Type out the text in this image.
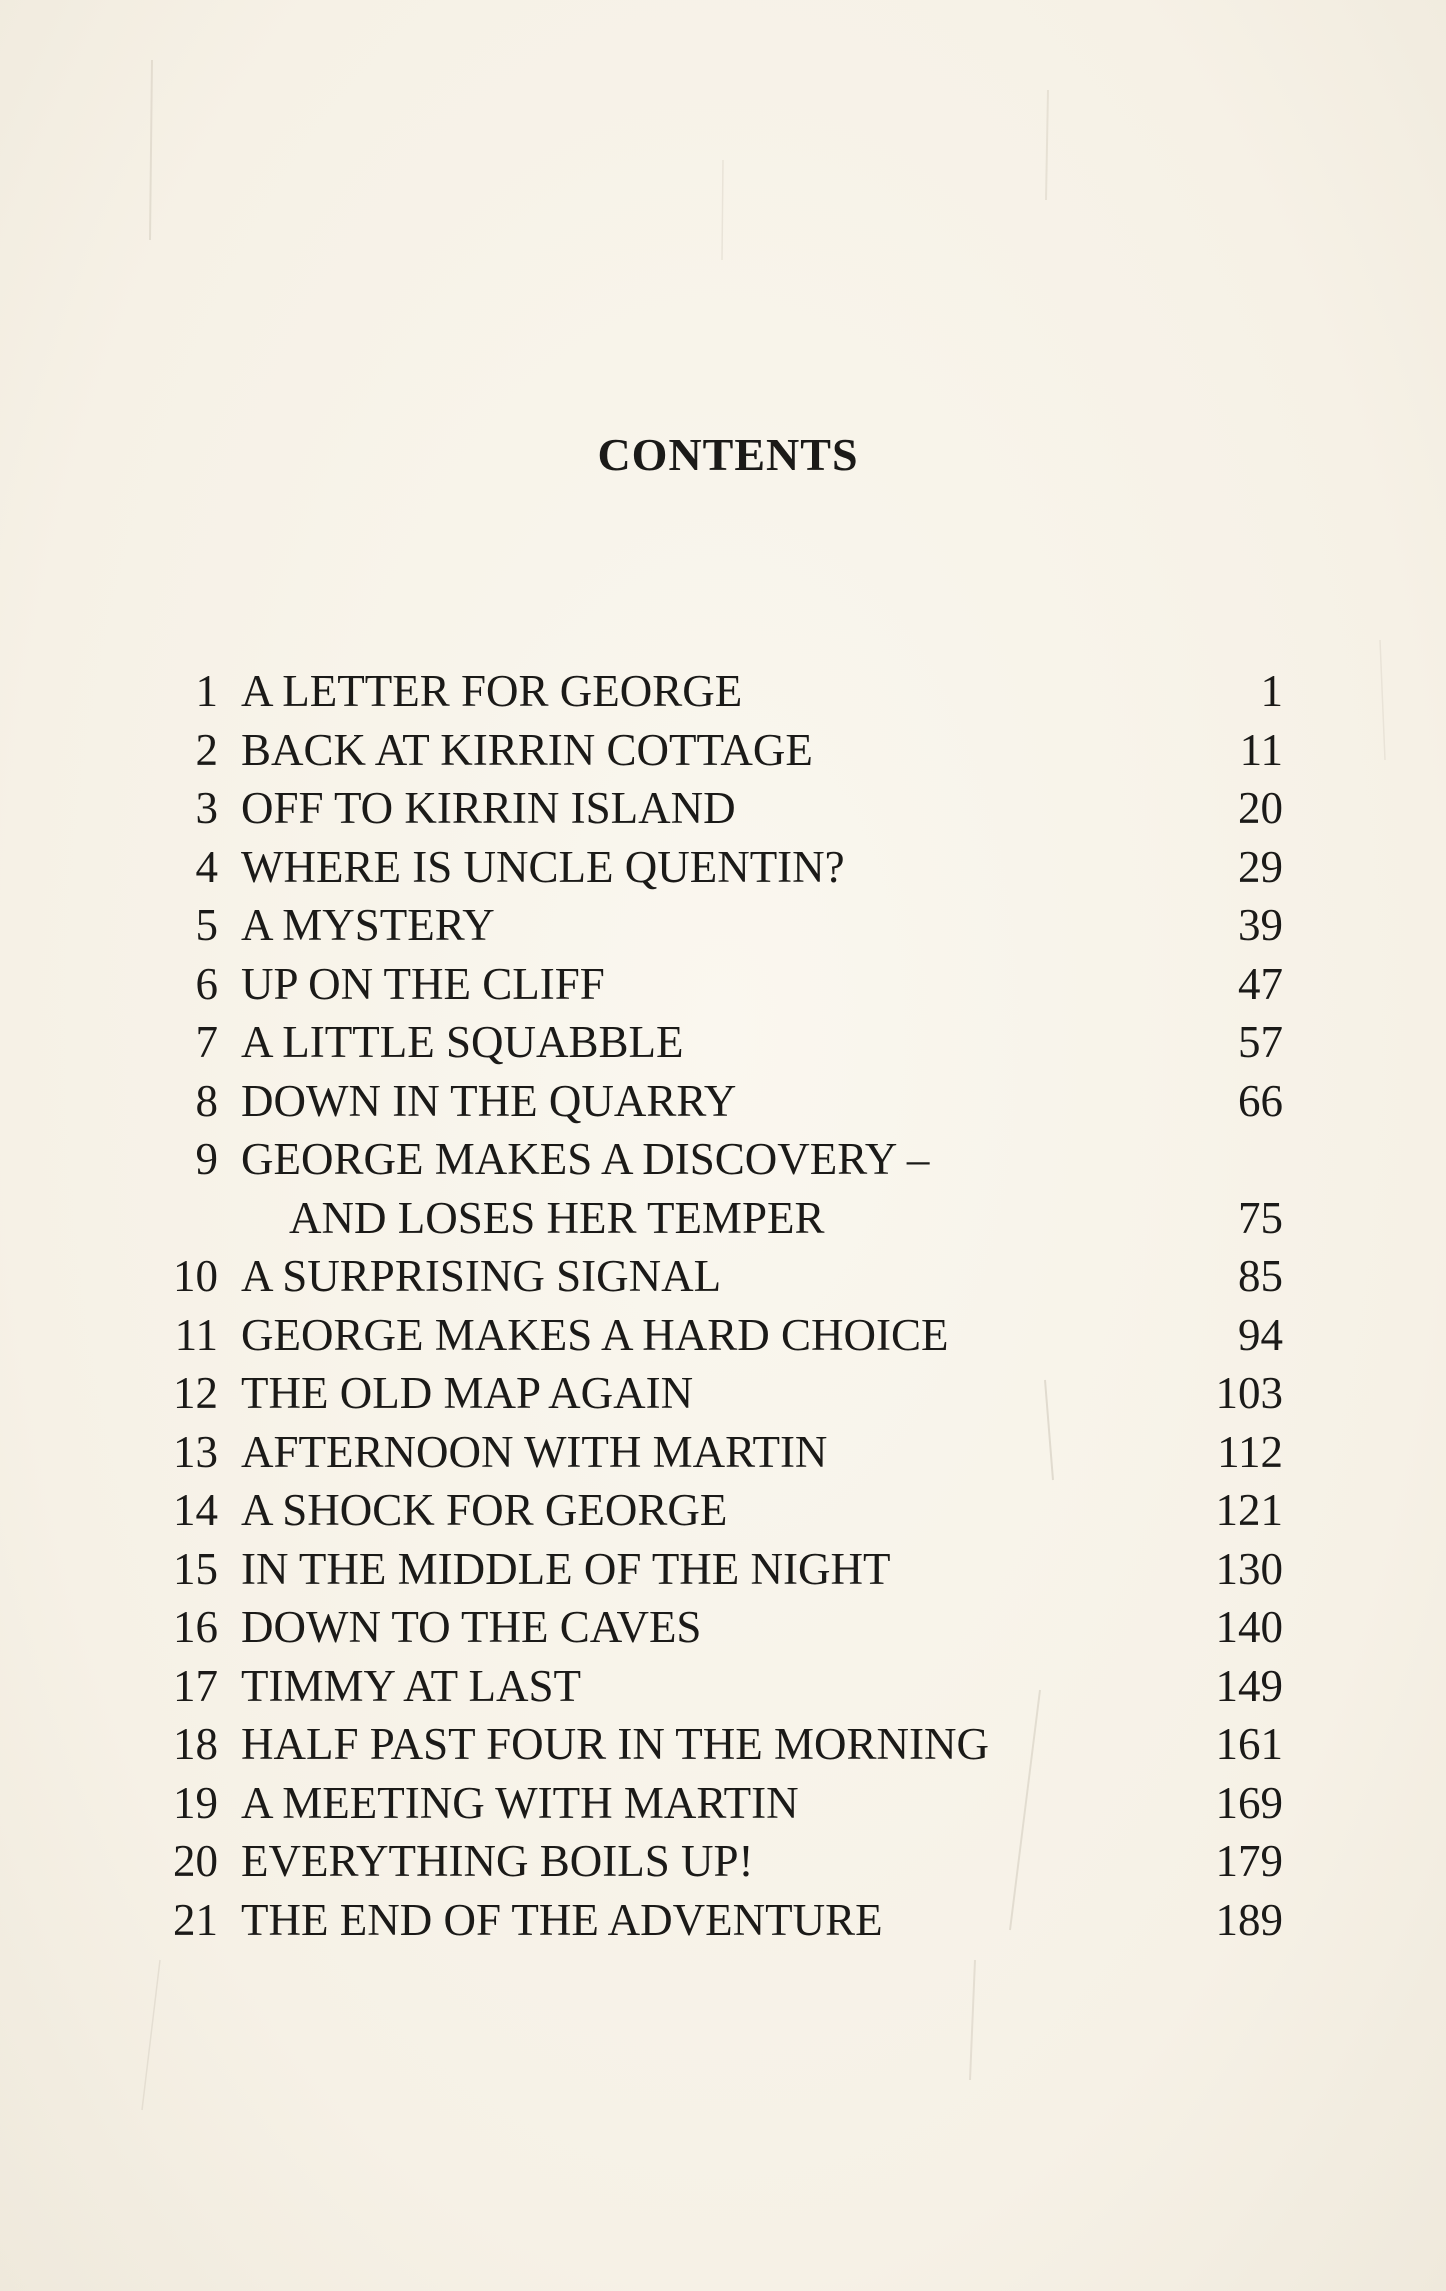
CONTENTS
1 A LETTER FOR GEORGE	1
2 BACK AT KIRRIN COTTAGE	11
3 OFF TO KIRRIN ISLAND	20
4 WHERE IS UNCLE QUENTIN?	29
5 A MYSTERY	39
6 UP ON THE CLIFF	47
7 A LITTLE SQUABBLE	57
8 DOWN IN THE QUARRY	66
9 GEORGE MAKES A DISCOVERY –
AND LOSES HER TEMPER	75
10 A SURPRISING SIGNAL	85
11 GEORGE MAKES A HARD CHOICE	94
12 THE OLD MAP AGAIN	103
13 AFTERNOON WITH MARTIN	112
14 A SHOCK FOR GEORGE	121
15 IN THE MIDDLE OF THE NIGHT	130
16 DOWN TO THE CAVES	140
17 TIMMY AT LAST	149
18 HALF PAST FOUR IN THE MORNING	161
19 A MEETING WITH MARTIN	169
20 EVERYTHING BOILS UP!	179
21 THE END OF THE ADVENTURE	189
